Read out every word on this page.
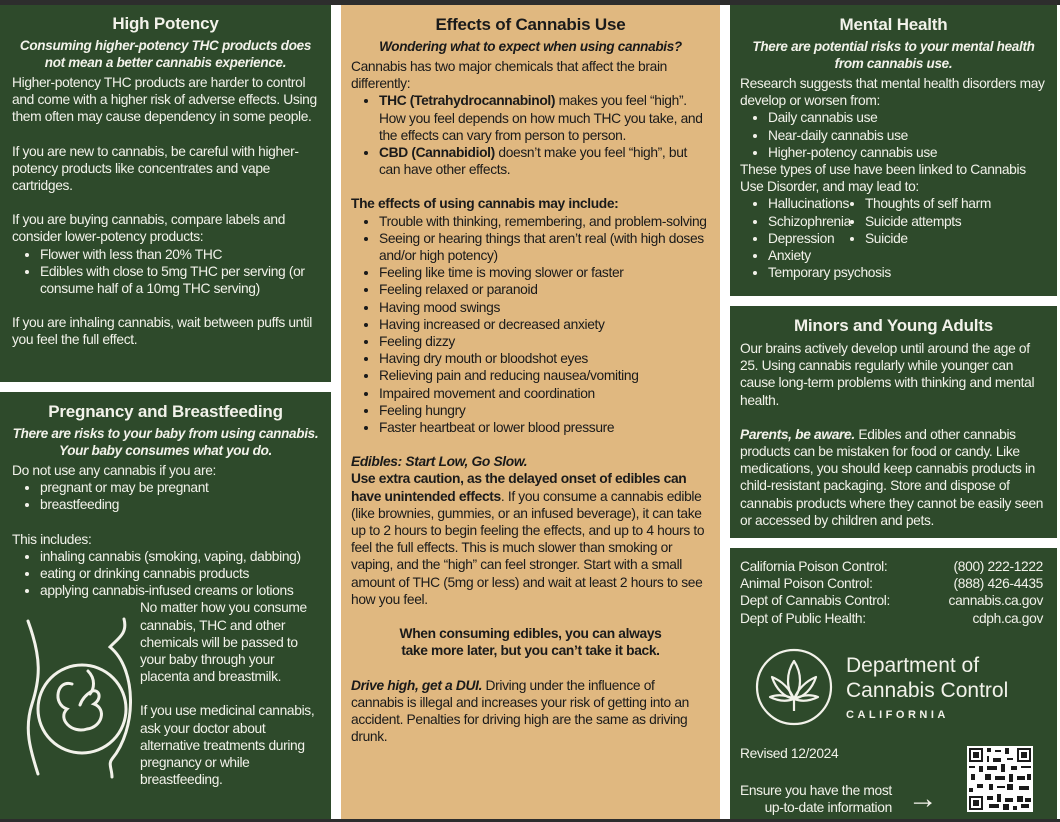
High Potency
Consuming higher-potency THC products does not mean a better cannabis experience.

Higher-potency THC products are harder to control and come with a higher risk of adverse effects. Using them often may cause dependency in some people.

If you are new to cannabis, be careful with higher-potency products like concentrates and vape cartridges.

If you are buying cannabis, compare labels and consider lower-potency products:

• Flower with less than 20% THC
• Edibles with close to 5mg THC per serving (or consume half of a 10mg THC serving)

If you are inhaling cannabis, wait between puffs until you feel the full effect.

Pregnancy and Breastfeeding
There are risks to your baby from using cannabis. Your baby consumes what you do.

Do not use any cannabis if you are:

• pregnant or may be pregnant
• breastfeeding

This includes:

• inhaling cannabis (smoking, vaping, dabbing)
• eating or drinking cannabis products
• applying cannabis-infused creams or lotions

No matter how you consume cannabis, THC and other chemicals will be passed to your baby through your placenta and breastmilk.

If you use medicinal cannabis, ask your doctor about alternative treatments during pregnancy or while breastfeeding.

Effects of Cannabis Use
Wondering what to expect when using cannabis?

Cannabis has two major chemicals that affect the brain differently:

• THC (Tetrahydrocannabinol) makes you feel “high”. How you feel depends on how much THC you take, and the effects can vary from person to person.
• CBD (Cannabidiol) doesn’t make you feel “high”, but can have other effects.

The effects of using cannabis may include:

• Trouble with thinking, remembering, and problem-solving
• Seeing or hearing things that aren’t real (with high doses and/or high potency)
• Feeling like time is moving slower or faster
• Feeling relaxed or paranoid
• Having mood swings
• Having increased or decreased anxiety
• Feeling dizzy
• Having dry mouth or bloodshot eyes
• Relieving pain and reducing nausea/vomiting
• Impaired movement and coordination
• Feeling hungry
• Faster heartbeat or lower blood pressure

Edibles: Start Low, Go Slow.

Use extra caution, as the delayed onset of edibles can have unintended effects. If you consume a cannabis edible (like brownies, gummies, or an infused beverage), it can take up to 2 hours to begin feeling the effects, and up to 4 hours to feel the full effects. This is much slower than smoking or vaping, and the “high” can feel stronger. Start with a small amount of THC (5mg or less) and wait at least 2 hours to see how you feel.

When consuming edibles, you can always

take more later, but you can’t take it back.

Drive high, get a DUI. Driving under the influence of cannabis is illegal and increases your risk of getting into an accident. Penalties for driving high are the same as driving drunk.

Mental Health
There are potential risks to your mental health from cannabis use.

Research suggests that mental health disorders may develop or worsen from:

• Daily cannabis use
• Near-daily cannabis use
• Higher-potency cannabis use

These types of use have been linked to Cannabis Use Disorder, and may lead to:

• Hallucinations
• Schizophrenia
• Depression
• Anxiety
• Temporary psychosis
• Thoughts of self harm
• Suicide attempts
• Suicide
Minors and Young Adults

Our brains actively develop until around the age of 25. Using cannabis regularly while younger can cause long-term problems with thinking and mental health.

Parents, be aware. Edibles and other cannabis products can be mistaken for food or candy. Like medications, you should keep cannabis products in child-resistant packaging. Store and dispose of cannabis products where they cannot be easily seen or accessed by children and pets.

California Poison Control:	(800) 222-1222
Animal Poison Control:	(888) 426-4435
Dept of Cannabis Control:	cannabis.ca.gov
Dept of Public Health:	cdph.ca.gov
Department of
Cannabis Control
CALIFORNIA

Revised 12/2024

Ensure you have the most

up-to-date information →
